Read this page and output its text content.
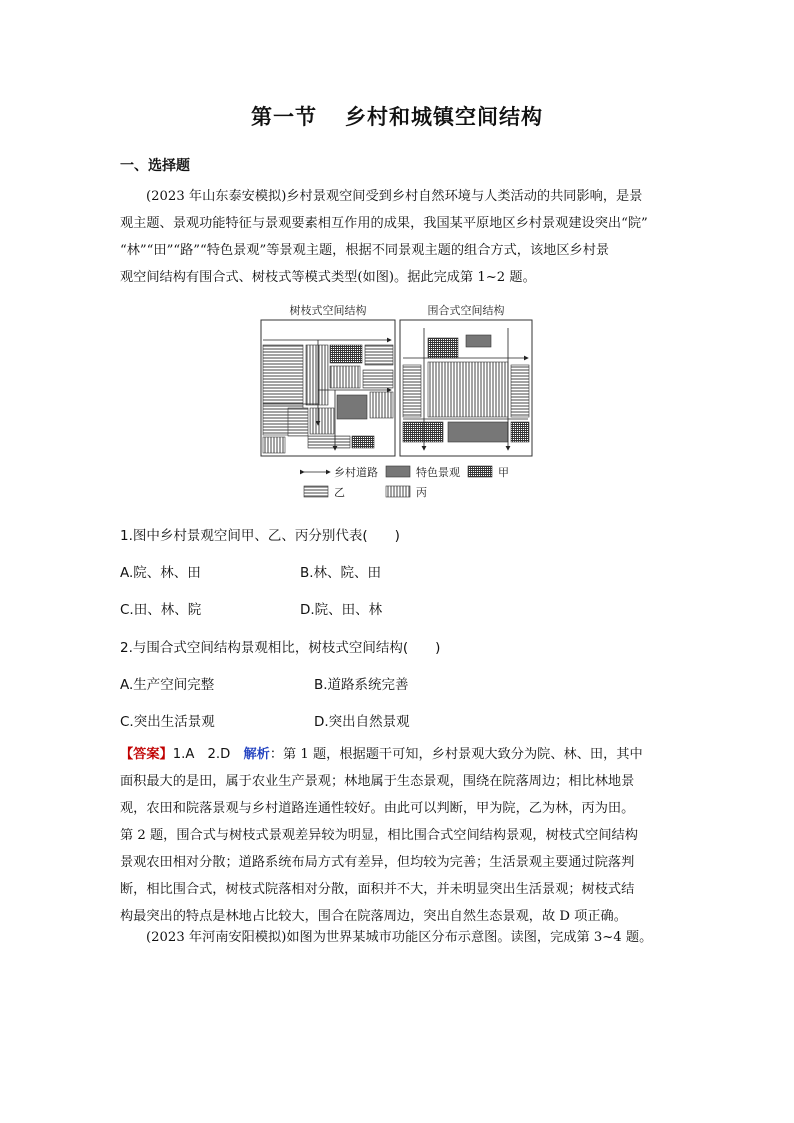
第一节 乡村和城镇空间结构
一、选择题
(2023 年山东泰安模拟)乡村景观空间受到乡村自然环境与人类活动的共同影响，是景
观主题、景观功能特征与景观要素相互作用的成果，我国某平原地区乡村景观建设突出“院”
“林”“田”“路”“特色景观”等景观主题，根据不同景观主题的组合方式，该地区乡村景
观空间结构有围合式、树枝式等模式类型(如图)。据此完成第 1~2 题。
树枝式空间结构	围合式空间结构
乡村道路	特色景观	甲
乙	丙
1.图中乡村景观空间甲、乙、丙分别代表(　　)
A.院、林、田	B.林、院、田
C.田、林、院	D.院、田、林
2.与围合式空间结构景观相比，树枝式空间结构(　　)
A.生产空间完整	B.道路系统完善
C.突出生活景观	D.突出自然景观
【答案】1.A　2.D　 解析：第 1 题，根据题干可知，乡村景观大致分为院、林、田，其中
面积最大的是田，属于农业生产景观；林地属于生态景观，围绕在院落周边；相比林地景
观，农田和院落景观与乡村道路连通性较好。由此可以判断，甲为院，乙为林，丙为田。
第 2 题，围合式与树枝式景观差异较为明显，相比围合式空间结构景观，树枝式空间结构
景观农田相对分散；道路系统布局方式有差异，但均较为完善；生活景观主要通过院落判
断，相比围合式，树枝式院落相对分散，面积并不大，并未明显突出生活景观；树枝式结
构最突出的特点是林地占比较大，围合在院落周边，突出自然生态景观，故 D 项正确。
(2023 年河南安阳模拟)如图为世界某城市功能区分布示意图。读图，完成第 3~4 题。
